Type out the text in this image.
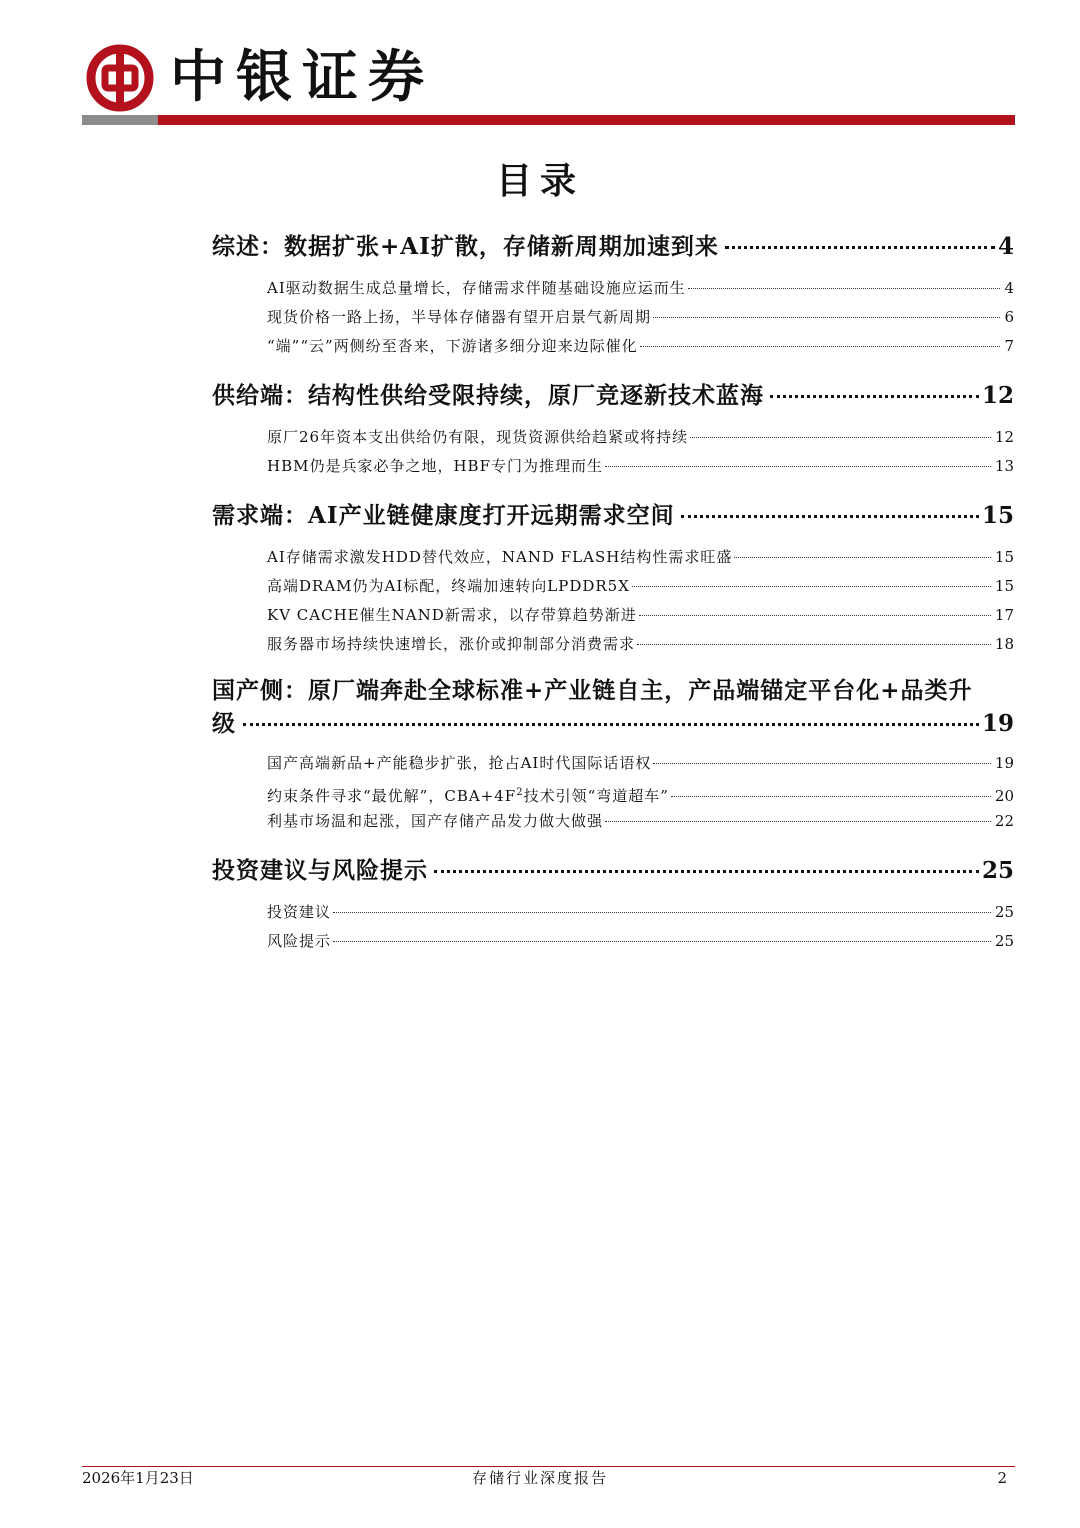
中银证券
目录
综述：数据扩张+AI扩散，存储新周期加速到来	4
AI驱动数据生成总量增长，存储需求伴随基础设施应运而生	4
现货价格一路上扬，半导体存储器有望开启景气新周期	6
“端”“云”两侧纷至沓来，下游诸多细分迎来边际催化	7
供给端：结构性供给受限持续，原厂竞逐新技术蓝海	12
原厂26年资本支出供给仍有限，现货资源供给趋紧或将持续	12
HBM仍是兵家必争之地，HBF专门为推理而生	13
需求端：AI产业链健康度打开远期需求空间	15
AI存储需求激发HDD替代效应，NAND FLASH结构性需求旺盛	15
高端DRAM仍为AI标配，终端加速转向LPDDR5X	15
KV CACHE催生NAND新需求，以存带算趋势渐进	17
服务器市场持续快速增长，涨价或抑制部分消费需求	18
国产侧：原厂端奔赴全球标准+产业链自主，产品端锚定平台化+品类升
级	19
国产高端新品+产能稳步扩张，抢占AI时代国际话语权	19
约束条件寻求“最优解”，$CBA+4F^2$技术引领“弯道超车”	20
利基市场温和起涨，国产存储产品发力做大做强	22
投资建议与风险提示	25
投资建议	25
风险提示	25
2026年1月23日	存储行业深度报告	2
